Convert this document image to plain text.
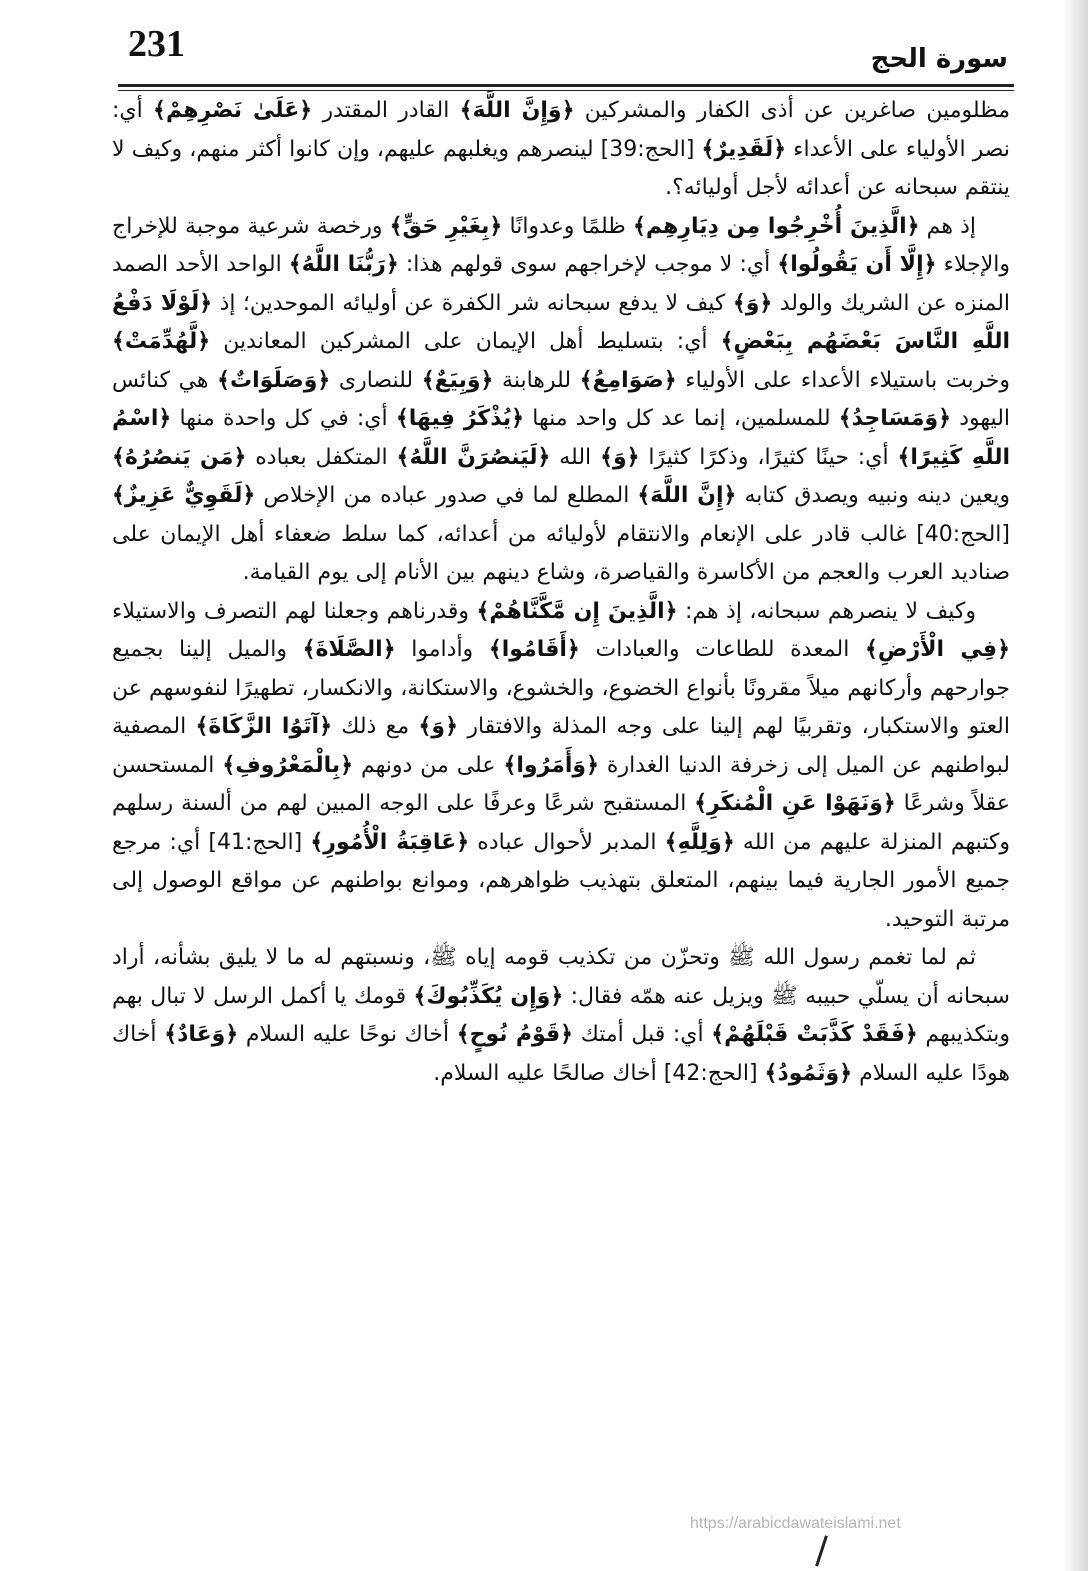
231	سورة الحج

مظلومين صاغرين عن أذى الكفار والمشركين ﴿وَإِنَّ اللَّهَ﴾ القادر المقتدر ﴿عَلَىٰ نَصْرِهِمْ﴾ أي: نصر الأولياء على الأعداء ﴿لَقَدِيرٌ﴾ [الحج:39] لينصرهم ويغلبهم عليهم، وإن كانوا أكثر منهم، وكيف لا ينتقم سبحانه عن أعدائه لأجل أوليائه؟.

إذ هم ﴿الَّذِينَ أُخْرِجُوا مِن دِيَارِهِم﴾ ظلمًا وعدوانًا ﴿بِغَيْرِ حَقٍّ﴾ ورخصة شرعية موجبة للإخراج والإجلاء ﴿إِلَّا أَن يَقُولُوا﴾ أي: لا موجب لإخراجهم سوى قولهم هذا: ﴿رَبُّنَا اللَّهُ﴾ الواحد الأحد الصمد المنزه عن الشريك والولد ﴿وَ﴾ كيف لا يدفع سبحانه شر الكفرة عن أوليائه الموحدين؛ إذ ﴿لَوْلَا دَفْعُ اللَّهِ النَّاسَ بَعْضَهُم بِبَعْضٍ﴾ أي: بتسليط أهل الإيمان على المشركين المعاندين ﴿لَّهُدِّمَتْ﴾ وخربت باستيلاء الأعداء على الأولياء ﴿صَوَامِعُ﴾ للرهابنة ﴿وَبِيَعٌ﴾ للنصارى ﴿وَصَلَوَاتٌ﴾ هي كنائس اليهود ﴿وَمَسَاجِدُ﴾ للمسلمين، إنما عد كل واحد منها ﴿يُذْكَرُ فِيهَا﴾ أي: في كل واحدة منها ﴿اسْمُ اللَّهِ كَثِيرًا﴾ أي: حينًا كثيرًا، وذكرًا كثيرًا ﴿وَ﴾ الله ﴿لَيَنصُرَنَّ اللَّهُ﴾ المتكفل بعباده ﴿مَن يَنصُرُهُ﴾ ويعين دينه ونبيه ويصدق كتابه ﴿إِنَّ اللَّهَ﴾ المطلع لما في صدور عباده من الإخلاص ﴿لَقَوِيٌّ عَزِيزٌ﴾ [الحج:40] غالب قادر على الإنعام والانتقام لأوليائه من أعدائه، كما سلط ضعفاء أهل الإيمان على صناديد العرب والعجم من الأكاسرة والقياصرة، وشاع دينهم بين الأنام إلى يوم القيامة.

وكيف لا ينصرهم سبحانه، إذ هم: ﴿الَّذِينَ إِن مَّكَّنَّاهُمْ﴾ وقدرناهم وجعلنا لهم التصرف والاستيلاء ﴿فِي الْأَرْضِ﴾ المعدة للطاعات والعبادات ﴿أَقَامُوا﴾ وأداموا ﴿الصَّلَاةَ﴾ والميل إلينا بجميع جوارحهم وأركانهم ميلاً مقرونًا بأنواع الخضوع، والخشوع، والاستكانة، والانكسار، تطهيرًا لنفوسهم عن العتو والاستكبار، وتقربيًا لهم إلينا على وجه المذلة والافتقار ﴿وَ﴾ مع ذلك ﴿آتَوُا الزَّكَاةَ﴾ المصفية لبواطنهم عن الميل إلى زخرفة الدنيا الغدارة ﴿وَأَمَرُوا﴾ على من دونهم ﴿بِالْمَعْرُوفِ﴾ المستحسن عقلاً وشرعًا ﴿وَنَهَوْا عَنِ الْمُنكَرِ﴾ المستقبح شرعًا وعرفًا على الوجه المبين لهم من ألسنة رسلهم وكتبهم المنزلة عليهم من الله ﴿وَلِلَّهِ﴾ المدبر لأحوال عباده ﴿عَاقِبَةُ الْأُمُورِ﴾ [الحج:41] أي: مرجع جميع الأمور الجارية فيما بينهم، المتعلق بتهذيب ظواهرهم، وموانع بواطنهم عن مواقع الوصول إلى مرتبة التوحيد.

ثم لما تغمم رسول الله ﷺ وتحزّن من تكذيب قومه إياه ﷺ، ونسبتهم له ما لا يليق بشأنه، أراد سبحانه أن يسلّي حبيبه ﷺ ويزيل عنه همّه فقال: ﴿وَإِن يُكَذِّبُوكَ﴾ قومك يا أكمل الرسل لا تبال بهم وبتكذيبهم ﴿فَقَدْ كَذَّبَتْ قَبْلَهُمْ﴾ أي: قبل أمتك ﴿قَوْمُ نُوحٍ﴾ أخاك نوحًا عليه السلام ﴿وَعَادٌ﴾ أخاك هودًا عليه السلام ﴿وَثَمُودُ﴾ [الحج:42] أخاك صالحًا عليه السلام.

https://arabicdawateislami.net
